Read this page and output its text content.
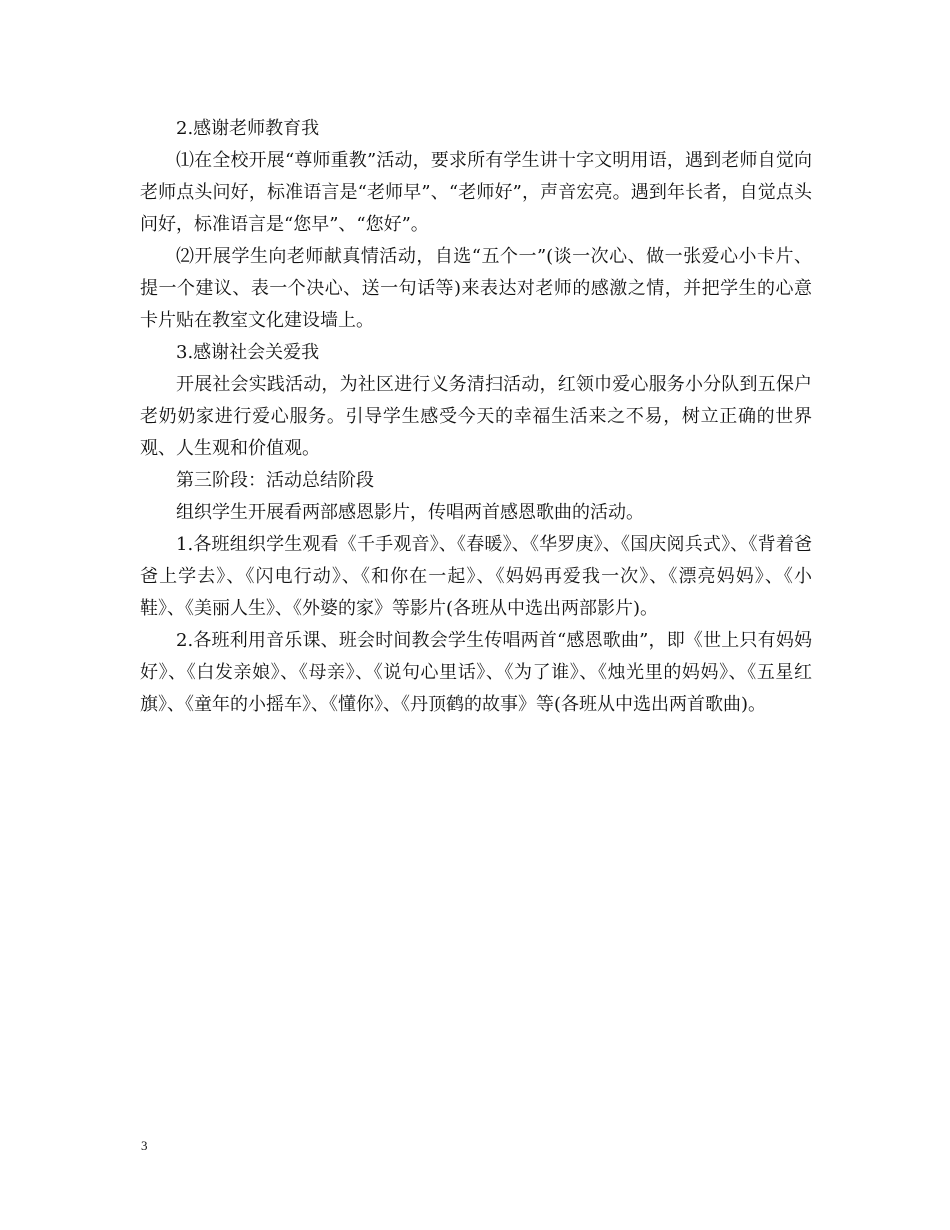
2.感谢老师教育我

⑴在全校开展“尊师重教”活动，要求所有学生讲十字文明用语，遇到老师自觉向老师点头问好，标准语言是“老师早”、“老师好”，声音宏亮。遇到年长者，自觉点头问好，标准语言是“您早”、“您好”。

⑵开展学生向老师献真情活动，自选“五个一”(谈一次心、做一张爱心小卡片、提一个建议、表一个决心、送一句话等)来表达对老师的感激之情，并把学生的心意卡片贴在教室文化建设墙上。

3.感谢社会关爱我

开展社会实践活动，为社区进行义务清扫活动，红领巾爱心服务小分队到五保户老奶奶家进行爱心服务。引导学生感受今天的幸福生活来之不易，树立正确的世界观、人生观和价值观。

第三阶段：活动总结阶段

组织学生开展看两部感恩影片，传唱两首感恩歌曲的活动。

1.各班组织学生观看《千手观音》、《春暖》、《华罗庚》、《国庆阅兵式》、《背着爸爸上学去》、《闪电行动》、《和你在一起》、《妈妈再爱我一次》、《漂亮妈妈》、《小鞋》、《美丽人生》、《外婆的家》等影片(各班从中选出两部影片)。

2.各班利用音乐课、班会时间教会学生传唱两首“感恩歌曲”，即《世上只有妈妈好》、《白发亲娘》、《母亲》、《说句心里话》、《为了谁》、《烛光里的妈妈》、《五星红旗》、《童年的小摇车》、《懂你》、《丹顶鹤的故事》等(各班从中选出两首歌曲)。

3
